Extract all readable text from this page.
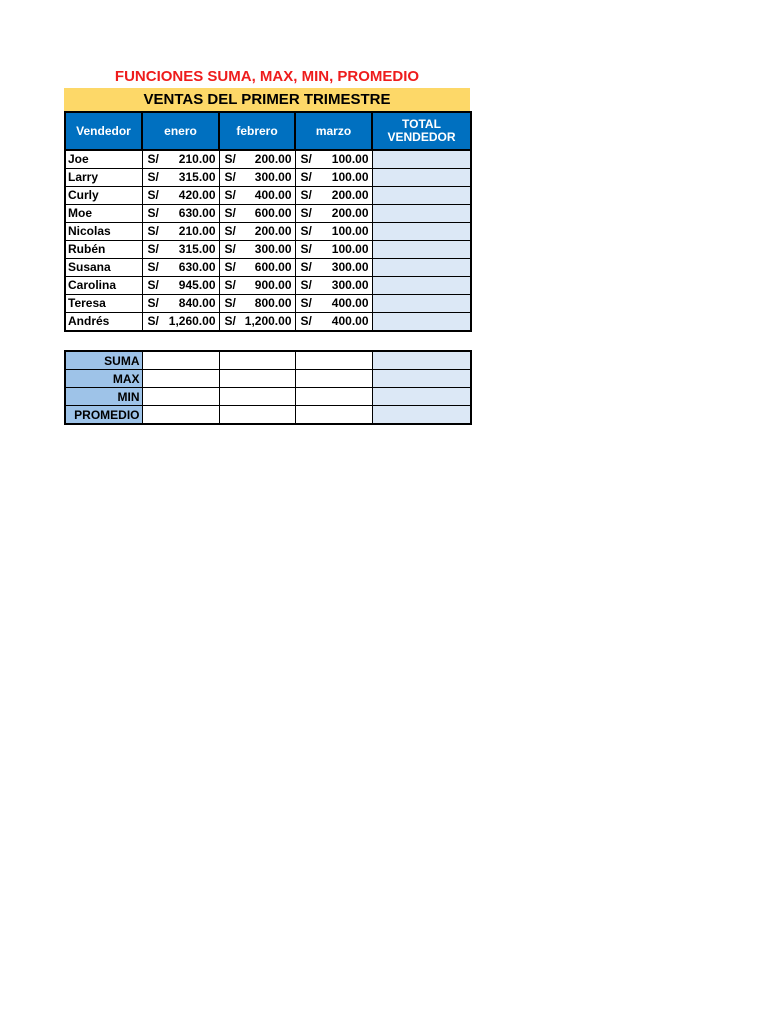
FUNCIONES SUMA, MAX, MIN, PROMEDIO
VENTAS DEL PRIMER TRIMESTRE
Vendedor	enero	febrero	marzo	TOTAL VENDEDOR
Joe	S/ 210.00	S/ 200.00	S/ 100.00	

Larry	S/ 315.00	S/ 300.00	S/ 100.00	

Curly	S/ 420.00	S/ 400.00	S/ 200.00	

Moe	S/ 630.00	S/ 600.00	S/ 200.00	

Nicolas	S/ 210.00	S/ 200.00	S/ 100.00	

Rubén	S/ 315.00	S/ 300.00	S/ 100.00	

Susana	S/ 630.00	S/ 600.00	S/ 300.00	

Carolina	S/ 945.00	S/ 900.00	S/ 300.00	

Teresa	S/ 840.00	S/ 800.00	S/ 400.00	

Andrés	S/ 1,260.00	S/ 1,200.00	S/ 400.00	

SUMA				
MAX				
MIN				
PROMEDIO				
